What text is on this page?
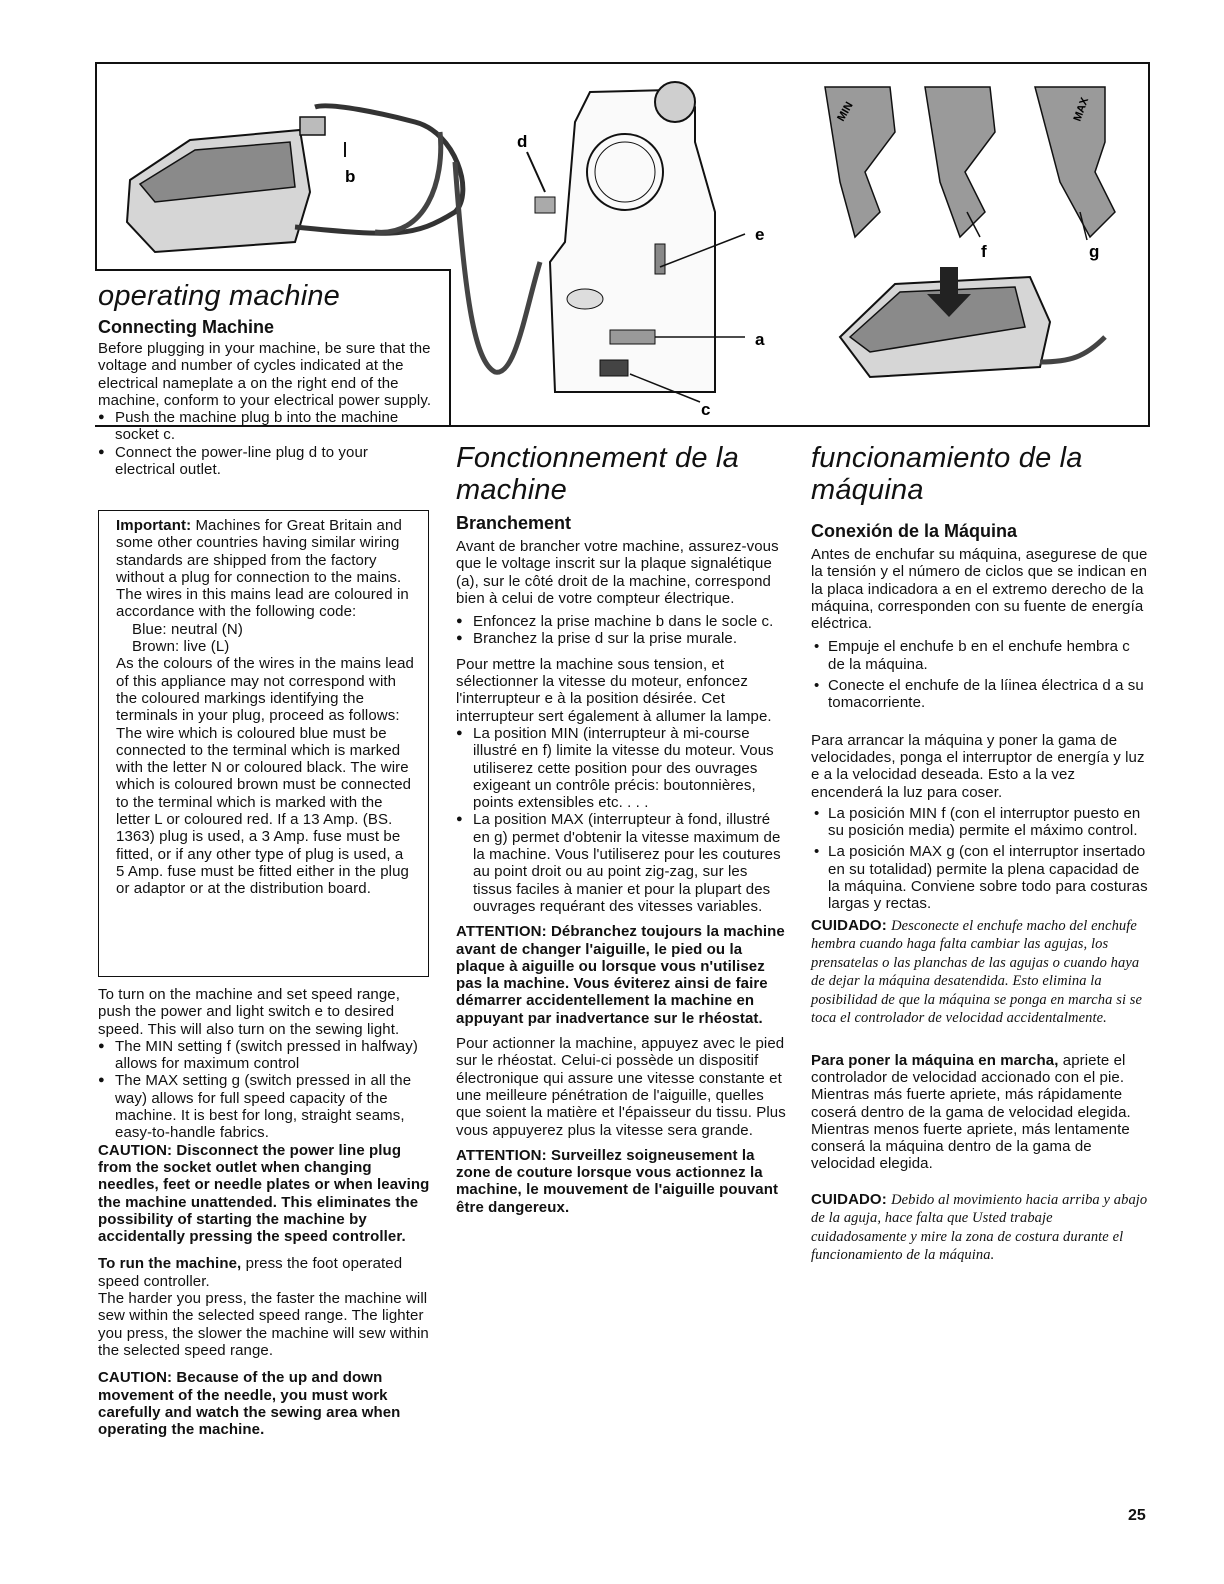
b
d
e
a
c
f	g
MIN	MAX
operating machine
Connecting Machine

Before plugging in your machine, be sure that the voltage and number of cycles indicated at the electrical nameplate a on the right end of the machine, conform to your electrical power supply.

● Push the machine plug b into the machine socket c.
● Connect the power-line plug d to your electrical outlet.

Important: Machines for Great Britain and some other countries having similar wiring standards are shipped from the factory without a plug for connection to the mains. The wires in this mains lead are coloured in accordance with the following code:

Blue: neutral (N)

Brown: live (L)

As the colours of the wires in the mains lead of this appliance may not correspond with the coloured markings identifying the terminals in your plug, proceed as follows:

The wire which is coloured blue must be connected to the terminal which is marked with the letter N or coloured black. The wire which is coloured brown must be connected to the terminal which is marked with the letter L or coloured red. If a 13 Amp. (BS. 1363) plug is used, a 3 Amp. fuse must be fitted, or if any other type of plug is used, a 5 Amp. fuse must be fitted either in the plug or adaptor or at the distribution board.

To turn on the machine and set speed range, push the power and light switch e to desired speed. This will also turn on the sewing light.

● The MIN setting f (switch pressed in halfway) allows for maximum control
● The MAX setting g (switch pressed in all the way) allows for full speed capacity of the machine. It is best for long, straight seams, easy-to-handle fabrics.

CAUTION: Disconnect the power line plug from the socket outlet when changing needles, feet or needle plates or when leaving the machine unattended. This eliminates the possibility of starting the machine by accidentally pressing the speed controller.

To run the machine, press the foot operated speed controller.

The harder you press, the faster the machine will sew within the selected speed range. The lighter you press, the slower the machine will sew within the selected speed range.

CAUTION: Because of the up and down movement of the needle, you must work carefully and watch the sewing area when operating the machine.

Fonctionnement de la machine
Branchement

Avant de brancher votre machine, assurez-vous que le voltage inscrit sur la plaque signalétique (a), sur le côté droit de la machine, correspond bien à celui de votre compteur électrique.

● Enfoncez la prise machine b dans le socle c.
● Branchez la prise d sur la prise murale.

Pour mettre la machine sous tension, et sélectionner la vitesse du moteur, enfoncez l'interrupteur e à la position désirée. Cet interrupteur sert également à allumer la lampe.

● La position MIN (interrupteur à mi-course illustré en f) limite la vitesse du moteur. Vous utiliserez cette position pour des ouvrages exigeant un contrôle précis: boutonnières, points extensibles etc. . . .
● La position MAX (interrupteur à fond, illustré en g) permet d'obtenir la vitesse maximum de la machine. Vous l'utiliserez pour les coutures au point droit ou au point zig-zag, sur les tissus faciles à manier et pour la plupart des ouvrages requérant des vitesses variables.

ATTENTION: Débranchez toujours la machine avant de changer l'aiguille, le pied ou la plaque à aiguille ou lorsque vous n'utilisez pas la machine. Vous éviterez ainsi de faire démarrer accidentellement la machine en appuyant par inadvertance sur le rhéostat.

Pour actionner la machine, appuyez avec le pied sur le rhéostat. Celui-ci possède un dispositif électronique qui assure une vitesse constante et une meilleure pénétration de l'aiguille, quelles que soient la matière et l'épaisseur du tissu. Plus vous appuyerez plus la vitesse sera grande.

ATTENTION: Surveillez soigneusement la zone de couture lorsque vous actionnez la machine, le mouvement de l'aiguille pouvant être dangereux.

funcionamiento de la máquina
Conexión de la Máquina

Antes de enchufar su máquina, asegurese de que la tensión y el número de ciclos que se indican en la placa indicadora a en el extremo derecho de la máquina, corresponden con su fuente de energía eléctrica.

• Empuje el enchufe b en el enchufe hembra c de la máquina.
• Conecte el enchufe de la líinea électrica d a su tomacorriente.

Para arrancar la máquina y poner la gama de velocidades, ponga el interruptor de energía y luz e a la velocidad deseada. Esto a la vez encenderá la luz para coser.

• La posición MIN f (con el interruptor puesto en su posición media) permite el máximo control.
• La posición MAX g (con el interruptor insertado en su totalidad) permite la plena capacidad de la máquina. Conviene sobre todo para costuras largas y rectas.

CUIDADO: Desconecte el enchufe macho del enchufe hembra cuando haga falta cambiar las agujas, los prensatelas o las planchas de las agujas o cuando haya de dejar la máquina desatendida. Esto elimina la posibilidad de que la máquina se ponga en marcha si se toca el controlador de velocidad accidentalmente.

Para poner la máquina en marcha, apriete el controlador de velocidad accionado con el pie. Mientras más fuerte apriete, más rápidamente coserá dentro de la gama de velocidad elegida. Mientras menos fuerte apriete, más lentamente conserá la máquina dentro de la gama de velocidad elegida.

CUIDADO: Debido al movimiento hacia arriba y abajo de la aguja, hace falta que Usted trabaje cuidadosamente y mire la zona de costura durante el funcionamiento de la máquina.

25
